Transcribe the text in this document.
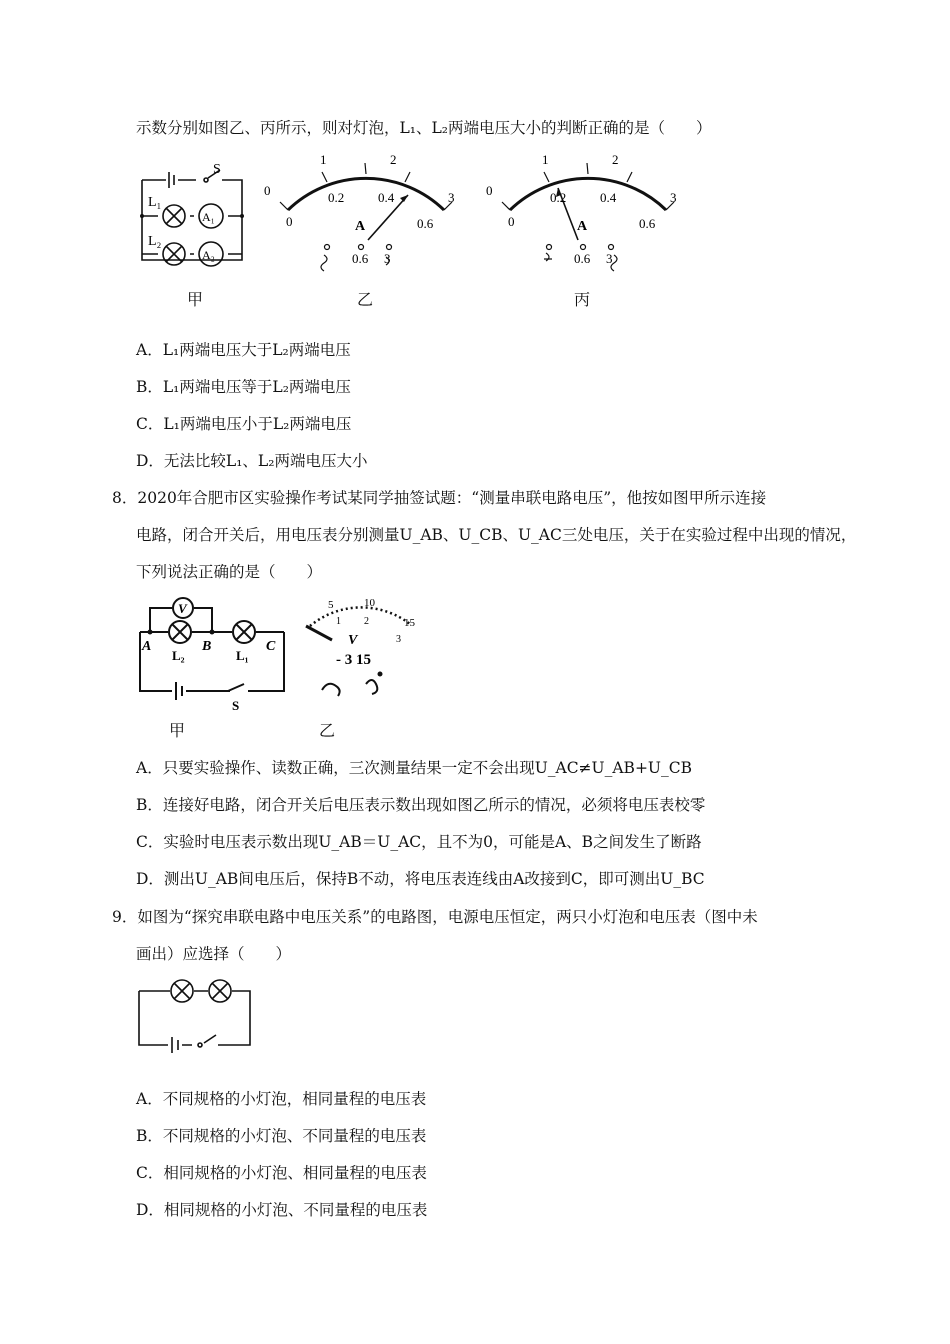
示数分别如图乙、丙所示，则对灯泡，L₁、L₂两端电压大小的判断正确的是（　　）
S
L₁
L₂
A₁
A₂
甲
0
1	2
3
0
0.2	0.4
0.6
A
0.6 3
乙
0
1	2
3
0
0.2	0.4
0.6
A
0.6 3
丙
A．L₁两端电压大于L₂两端电压
B．L₁两端电压等于L₂两端电压
C．L₁两端电压小于L₂两端电压
D．无法比较L₁、L₂两端电压大小
8．2020年合肥市区实验操作考试某同学抽签试题：“测量串联电路电压”，他按如图甲所示连接
电路，闭合开关后，用电压表分别测量U_AB、U_CB、U_AC三处电压，关于在实验过程中出现的情况，
下列说法正确的是（　　）
V
A	B	C
L₂	L₁
S
甲
5	10
15
1 2
3
V
- 3 15
乙
A．只要实验操作、读数正确，三次测量结果一定不会出现U_AC≠U_AB+U_CB
B．连接好电路，闭合开关后电压表示数出现如图乙所示的情况，必须将电压表校零
C．实验时电压表示数出现U_AB＝U_AC，且不为0，可能是A、B之间发生了断路
D．测出U_AB间电压后，保持B不动，将电压表连线由A改接到C，即可测出U_BC
9．如图为“探究串联电路中电压关系”的电路图，电源电压恒定，两只小灯泡和电压表（图中未
画出）应选择（　　）
A．不同规格的小灯泡，相同量程的电压表
B．不同规格的小灯泡、不同量程的电压表
C．相同规格的小灯泡、相同量程的电压表
D．相同规格的小灯泡、不同量程的电压表
